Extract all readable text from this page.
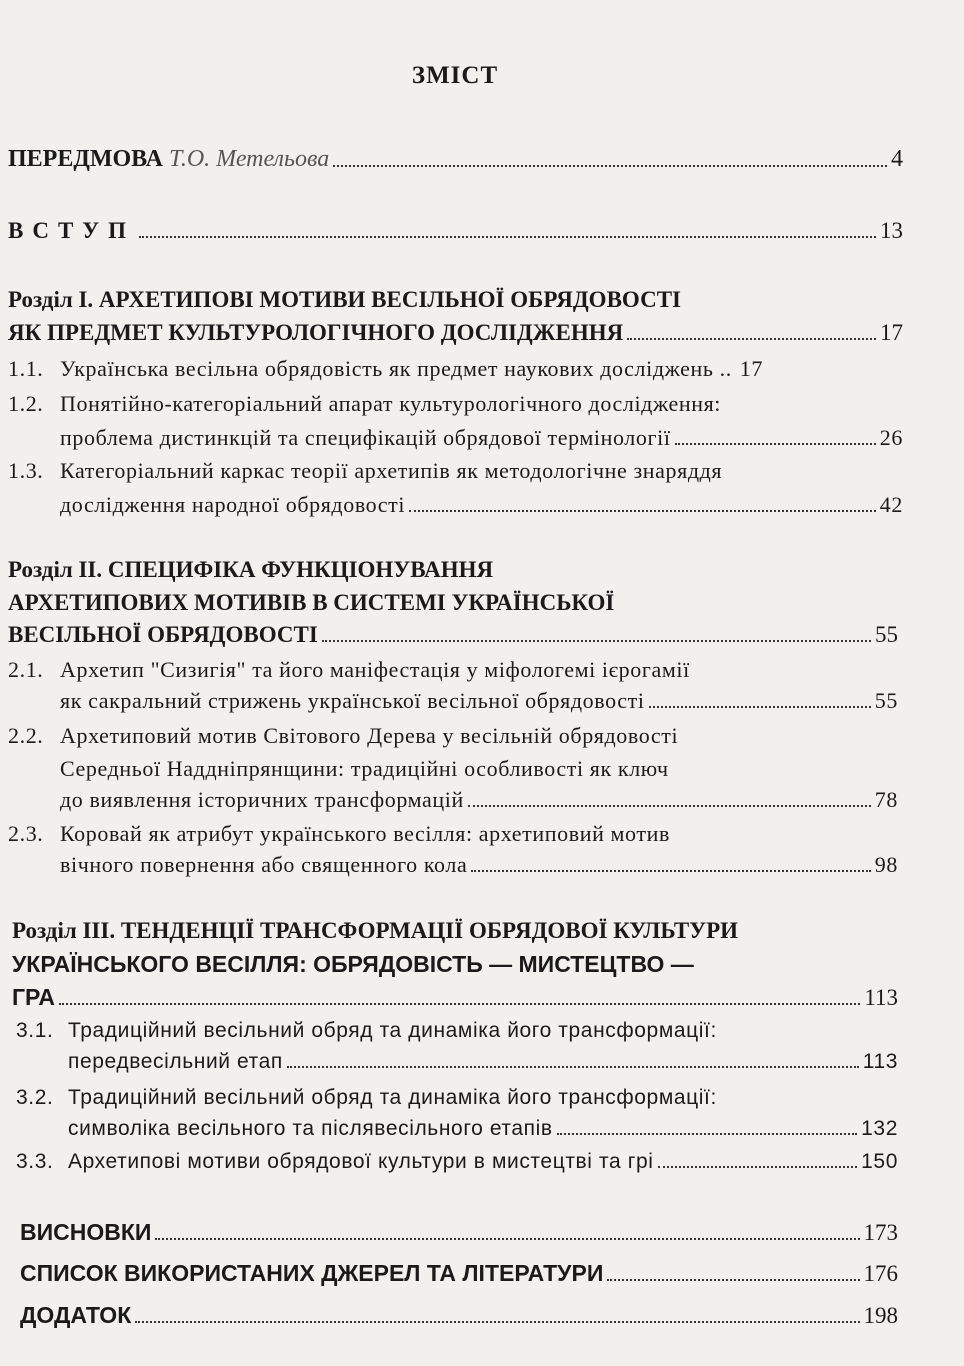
ЗМІСТ
ПЕРЕДМОВА Т.О. Метельова	4
ВСТУП	13
Розділ І. АРХЕТИПОВІ МОТИВИ ВЕСІЛЬНОЇ ОБРЯДОВОСТІ
ЯК ПРЕДМЕТ КУЛЬТУРОЛОГІЧНОГО ДОСЛІДЖЕННЯ	17
1.1. Українська весільна обрядовість як предмет наукових досліджень .. 17
1.2. Понятійно-категоріальний апарат культурологічного дослідження:
проблема дистинкцій та специфікацій обрядової термінології	26
1.3. Категоріальний каркас теорії архетипів як методологічне знаряддя
дослідження народної обрядовості	42
Розділ ІІ. СПЕЦИФІКА ФУНКЦІОНУВАННЯ
АРХЕТИПОВИХ МОТИВІВ В СИСТЕМІ УКРАЇНСЬКОЇ
ВЕСІЛЬНОЇ ОБРЯДОВОСТІ	55
2.1. Архетип "Сизигія" та його маніфестація у міфологемі ієрогамії
як сакральний стрижень української весільної обрядовості	55
2.2. Архетиповий мотив Світового Дерева у весільній обрядовості
Середньої Наддніпрянщини: традиційні особливості як ключ
до виявлення історичних трансформацій	78
2.3. Коровай як атрибут українського весілля: архетиповий мотив
вічного повернення або священного кола	98
Розділ ІІІ. ТЕНДЕНЦІЇ ТРАНСФОРМАЦІЇ ОБРЯДОВОЇ КУЛЬТУРИ
УКРАЇНСЬКОГО ВЕСІЛЛЯ: ОБРЯДОВІСТЬ — МИСТЕЦТВО —
ГРА	113
3.1. Традиційний весільний обряд та динаміка його трансформації:
передвесільний етап	113
3.2. Традиційний весільний обряд та динаміка його трансформації:
символіка весільного та післявесільного етапів	132
3.3. Архетипові мотиви обрядової культури в мистецтві та грі	150
ВИСНОВКИ	173
СПИСОК ВИКОРИСТАНИХ ДЖЕРЕЛ ТА ЛІТЕРАТУРИ	176
ДОДАТОК	198
